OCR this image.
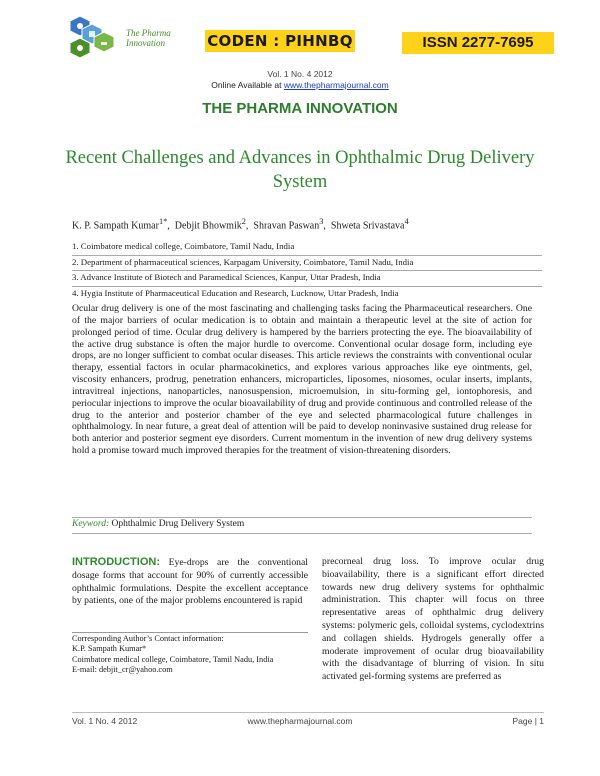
The Pharma
Innovation	CODEN : PIHNBQ	ISSN 2277-7695
Vol. 1 No. 4 2012
Online Available at www.thepharmajournal.com
THE PHARMA INNOVATION
Recent Challenges and Advances in Ophthalmic Drug Delivery System
K. P. Sampath Kumar$^{1*}$,  Debjit Bhowmik$^2$,  Shravan Paswan$^3$,  Shweta Srivastava$^4$
1. Coimbatore medical college, Coimbatore, Tamil Nadu, India
2. Department of pharmaceutical sciences, Karpagam University, Coimbatore, Tamil Nadu, India
3. Advance Institute of Biotech and Paramedical Sciences, Kanpur, Uttar Pradesh, India
4. Hygia Institute of Pharmaceutical Education and Research, Lucknow, Uttar Pradesh, India
Ocular drug delivery is one of the most fascinating and challenging tasks facing the Pharmaceutical researchers. One of the major barriers of ocular medication is to obtain and maintain a therapeutic level at the site of action for prolonged period of time. Ocular drug delivery is hampered by the barriers protecting the eye. The bioavailability of the active drug substance is often the major hurdle to overcome. Conventional ocular dosage form, including eye drops, are no longer sufficient to combat ocular diseases. This article reviews the constraints with conventional ocular therapy, essential factors in ocular pharmacokinetics, and explores various approaches like eye ointments, gel, viscosity enhancers, prodrug, penetration enhancers, microparticles, liposomes, niosomes, ocular inserts, implants, intravitreal injections, nanoparticles, nanosuspension, microemulsion, in situ-forming gel, iontophoresis, and periocular injections to improve the ocular bioavailability of drug and provide continuous and controlled release of the drug to the anterior and posterior chamber of the eye and selected pharmacological future challenges in ophthalmology. In near future, a great deal of attention will be paid to develop noninvasive sustained drug release for both anterior and posterior segment eye disorders. Current momentum in the invention of new drug delivery systems hold a promise toward much improved therapies for the treatment of vision-threatening disorders.
Keyword: Ophthalmic Drug Delivery System
INTRODUCTION: Eye-drops are the conventional dosage forms that account for 90% of currently accessible ophthalmic formulations. Despite the excellent acceptance by patients, one of the major problems encountered is rapid
Corresponding Author’s Contact information:
K.P. Sampath Kumar*
Coimbatore medical college, Coimbatore, Tamil Nadu, India
E-mail: debjit_cr@yahoo.com
precorneal drug loss. To improve ocular drug bioavailability, there is a significant effort directed towards new drug delivery systems for ophthalmic administration. This chapter will focus on three representative areas of ophthalmic drug delivery systems: polymeric gels, colloidal systems, cyclodextrins and collagen shields. Hydrogels generally offer a moderate improvement of ocular drug bioavailability with the disadvantage of blurring of vision. In situ activated gel-forming systems are preferred as
Vol. 1 No. 4 2012	www.thepharmajournal.com	Page | 1
